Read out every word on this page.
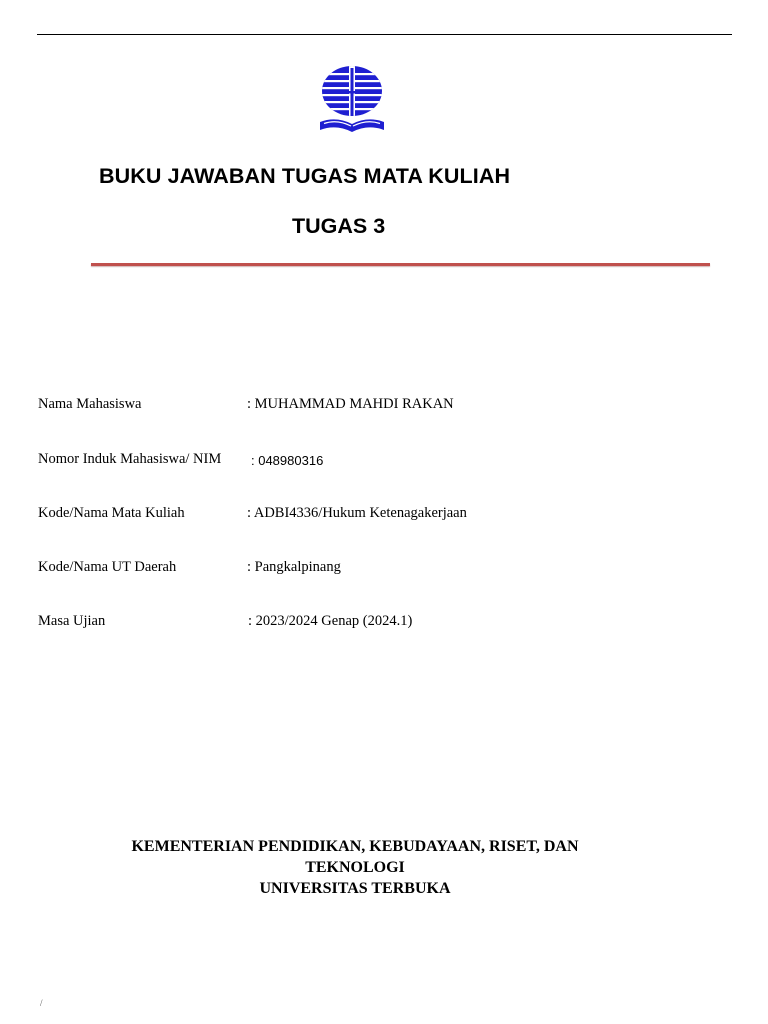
BUKU JAWABAN TUGAS MATA KULIAH
TUGAS 3
Nama Mahasiswa	: MUHAMMAD MAHDI RAKAN
Nomor Induk Mahasiswa/ NIM : 048980316
Kode/Nama Mata Kuliah	: ADBI4336/Hukum Ketenagakerjaan
Kode/Nama UT Daerah	: Pangkalpinang
Masa Ujian	: 2023/2024 Genap (2024.1)
KEMENTERIAN PENDIDIKAN, KEBUDAYAAN, RISET, DAN
TEKNOLOGI
UNIVERSITAS TERBUKA
/
